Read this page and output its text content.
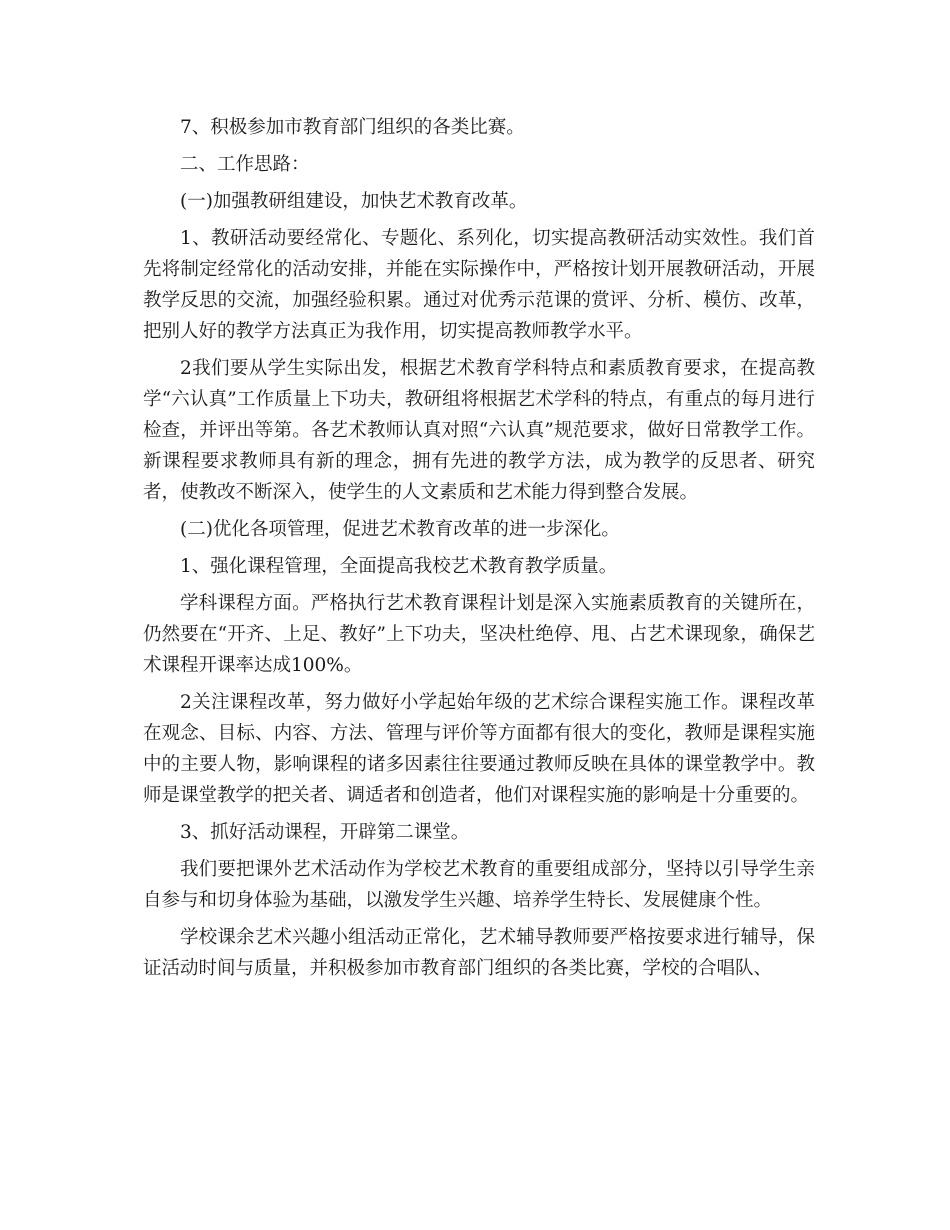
7、积极参加市教育部门组织的各类比赛。

二、工作思路：

(一)加强教研组建设，加快艺术教育改革。

1、教研活动要经常化、专题化、系列化，切实提高教研活动实效性。我们首先将制定经常化的活动安排，并能在实际操作中，严格按计划开展教研活动，开展教学反思的交流，加强经验积累。通过对优秀示范课的赏评、分析、模仿、改革，把别人好的教学方法真正为我作用，切实提高教师教学水平。

2我们要从学生实际出发，根据艺术教育学科特点和素质教育要求，在提高教学“六认真”工作质量上下功夫，教研组将根据艺术学科的特点，有重点的每月进行检查，并评出等第。各艺术教师认真对照“六认真”规范要求，做好日常教学工作。新课程要求教师具有新的理念，拥有先进的教学方法，成为教学的反思者、研究者，使教改不断深入，使学生的人文素质和艺术能力得到整合发展。

(二)优化各项管理，促进艺术教育改革的进一步深化。

1、强化课程管理，全面提高我校艺术教育教学质量。

学科课程方面。严格执行艺术教育课程计划是深入实施素质教育的关键所在，仍然要在“开齐、上足、教好”上下功夫，坚决杜绝停、甩、占艺术课现象，确保艺术课程开课率达成100%。

2关注课程改革，努力做好小学起始年级的艺术综合课程实施工作。课程改革在观念、目标、内容、方法、管理与评价等方面都有很大的变化，教师是课程实施中的主要人物，影响课程的诸多因素往往要通过教师反映在具体的课堂教学中。教师是课堂教学的把关者、调适者和创造者，他们对课程实施的影响是十分重要的。

3、抓好活动课程，开辟第二课堂。

我们要把课外艺术活动作为学校艺术教育的重要组成部分，坚持以引导学生亲自参与和切身体验为基础，以激发学生兴趣、培养学生特长、发展健康个性。

学校课余艺术兴趣小组活动正常化，艺术辅导教师要严格按要求进行辅导，保证活动时间与质量，并积极参加市教育部门组织的各类比赛，学校的合唱队、
